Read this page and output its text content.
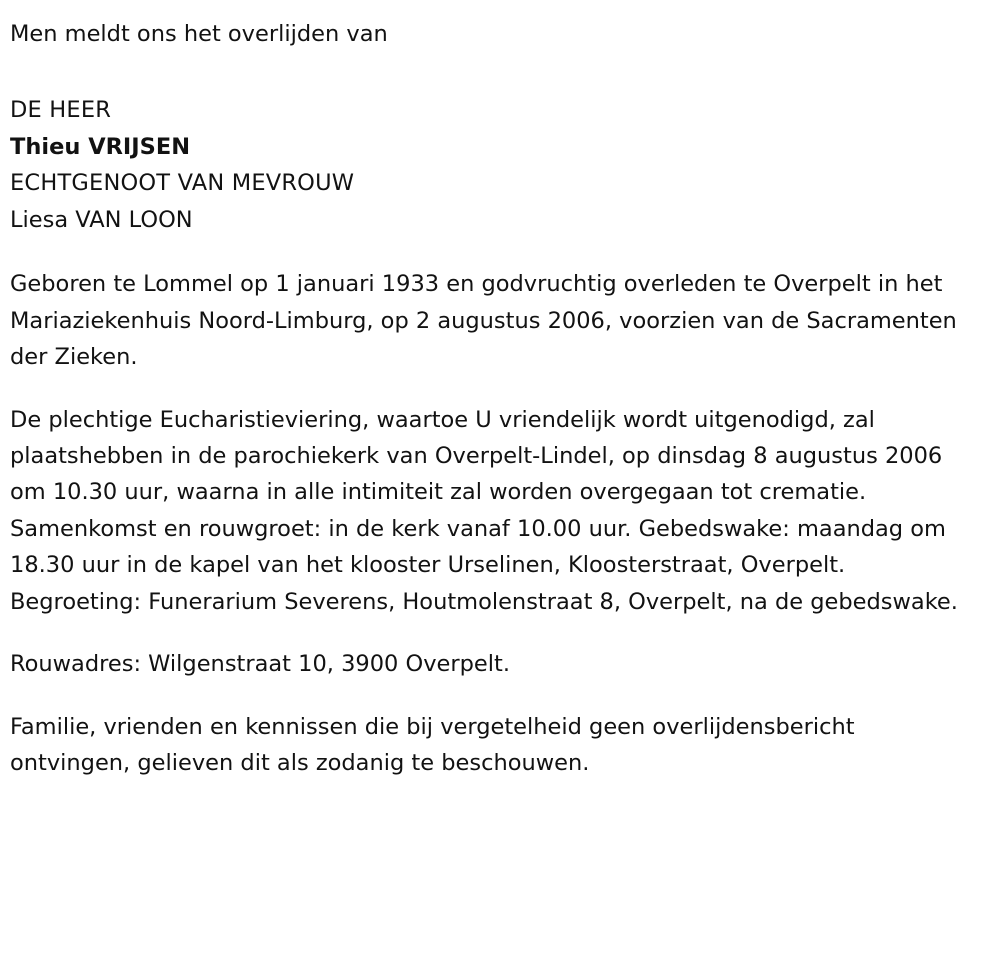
Men meldt ons het overlijden van

DE HEER
Thieu VRIJSEN
ECHTGENOOT VAN MEVROUW
Liesa VAN LOON

Geboren te Lommel op 1 januari 1933 en godvruchtig overleden te Overpelt in het Mariaziekenhuis Noord-Limburg, op 2 augustus 2006, voorzien van de Sacramenten der Zieken.

De plechtige Eucharistieviering, waartoe U vriendelijk wordt uitgenodigd, zal plaatshebben in de parochiekerk van Overpelt-Lindel, op dinsdag 8 augustus 2006 om 10.30 uur, waarna in alle intimiteit zal worden overgegaan tot crematie. Samenkomst en rouwgroet: in de kerk vanaf 10.00 uur. Gebedswake: maandag om 18.30 uur in de kapel van het klooster Urselinen, Kloosterstraat, Overpelt. Begroeting: Funerarium Severens, Houtmolenstraat 8, Overpelt, na de gebedswake.

Rouwadres: Wilgenstraat 10, 3900 Overpelt.

Familie, vrienden en kennissen die bij vergetelheid geen overlijdensbericht ontvingen, gelieven dit als zodanig te beschouwen.
